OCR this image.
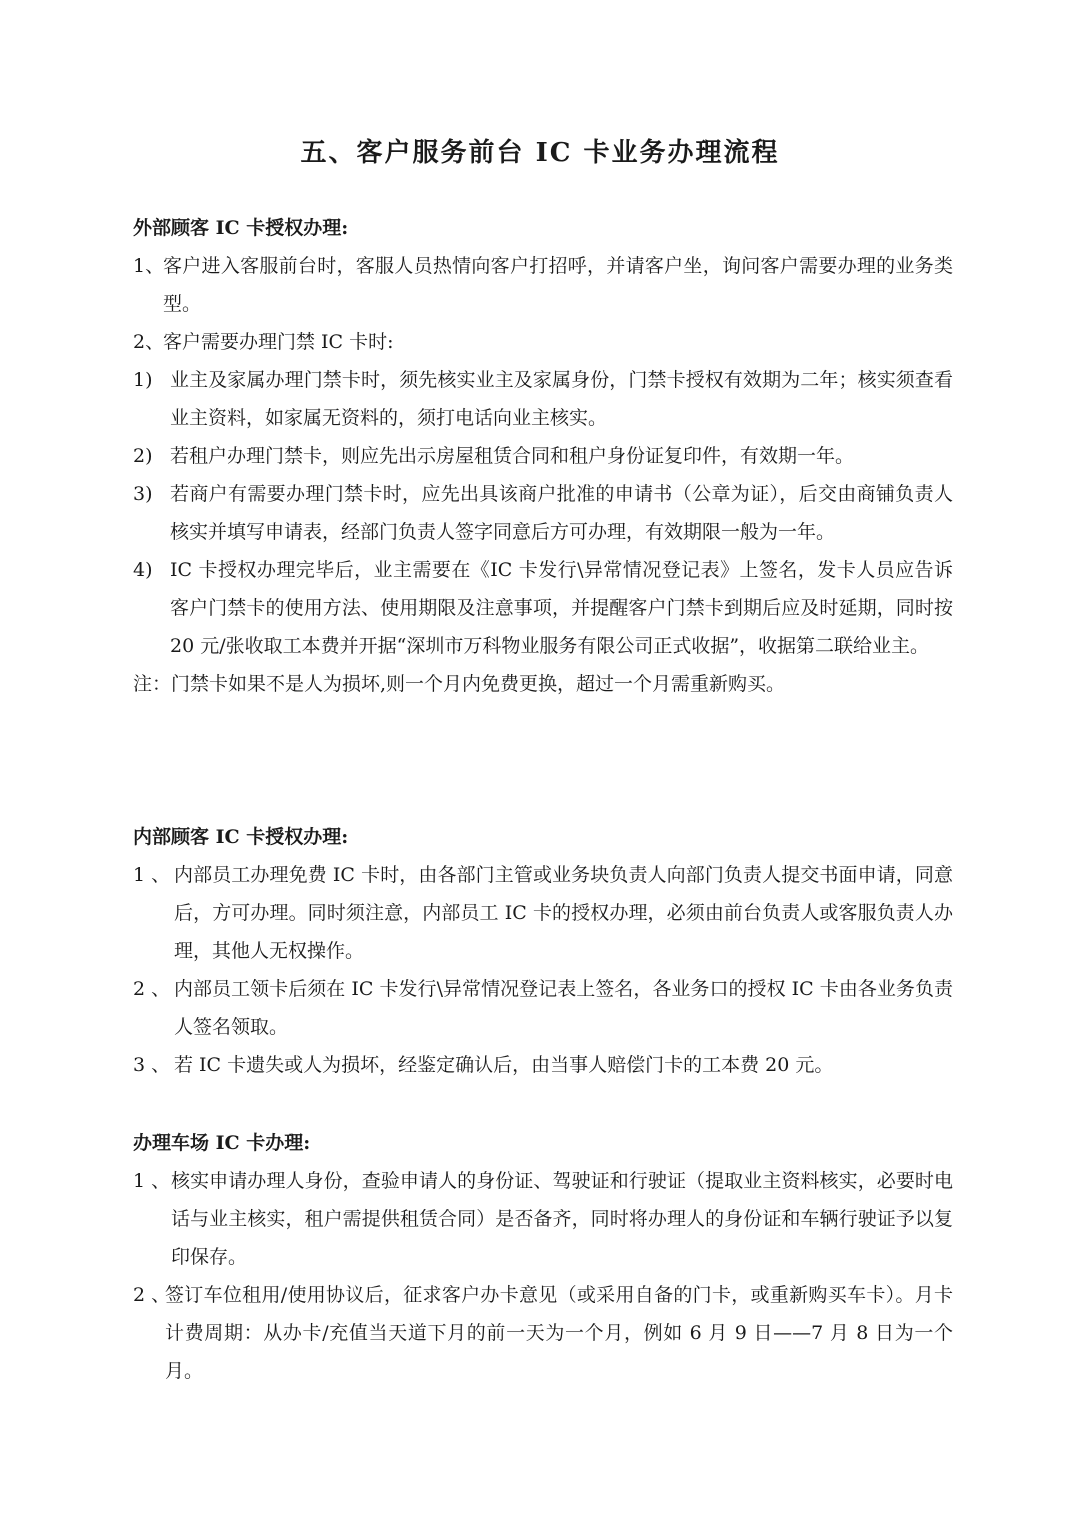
五、客户服务前台 IC 卡业务办理流程
外部顾客 IC 卡授权办理:
1、
客户进入客服前台时，客服人员热情向客户打招呼，并请客户坐，询问客户需要办理的业务类型。
2、
客户需要办理门禁 IC 卡时:
1) 业主及家属办理门禁卡时，须先核实业主及家属身份，门禁卡授权有效期为二年；核实须查看业主资料，如家属无资料的，须打电话向业主核实。
2) 若租户办理门禁卡，则应先出示房屋租赁合同和租户身份证复印件，有效期一年。
3) 若商户有需要办理门禁卡时，应先出具该商户批准的申请书（公章为证），后交由商铺负责人核实并填写申请表，经部门负责人签字同意后方可办理，有效期限一般为一年。
4) IC 卡授权办理完毕后，业主需要在《IC 卡发行\异常情况登记表》上签名，发卡人员应告诉客户门禁卡的使用方法、使用期限及注意事项，并提醒客户门禁卡到期后应及时延期，同时按 20 元/张收取工本费并开据“深圳市万科物业服务有限公司正式收据”，收据第二联给业主。
注：门禁卡如果不是人为损坏,则一个月内免费更换，超过一个月需重新购买。
内部顾客 IC 卡授权办理:
1 、 内部员工办理免费 IC 卡时，由各部门主管或业务块负责人向部门负责人提交书面申请，同意后，方可办理。同时须注意，内部员工 IC 卡的授权办理，必须由前台负责人或客服负责人办理，其他人无权操作。
2 、 内部员工领卡后须在 IC 卡发行\异常情况登记表上签名，各业务口的授权 IC 卡由各业务负责人签名领取。
3 、 若 IC 卡遗失或人为损坏，经鉴定确认后，由当事人赔偿门卡的工本费 20 元。
办理车场 IC 卡办理:
1 、 核实申请办理人身份，查验申请人的身份证、驾驶证和行驶证（提取业主资料核实，必要时电话与业主核实，租户需提供租赁合同）是否备齐，同时将办理人的身份证和车辆行驶证予以复印保存。
2 、
签订车位租用/使用协议后，征求客户办卡意见（或采用自备的门卡，或重新购买车卡）。月卡计费周期：从办卡/充值当天道下月的前一天为一个月，例如 6 月 9 日——7 月 8 日为一个月。
